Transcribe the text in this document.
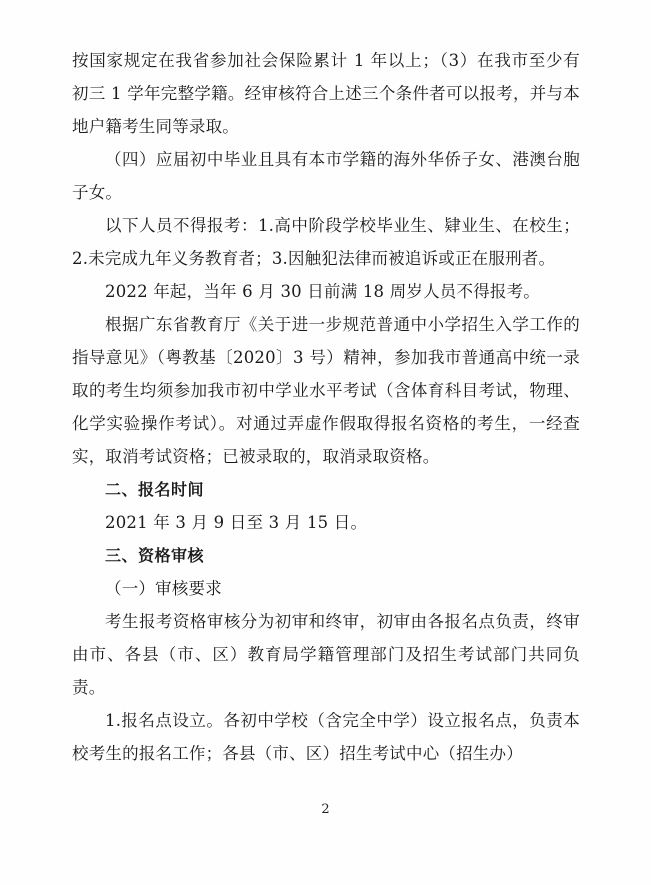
按国家规定在我省参加社会保险累计 1 年以上；（3）在我市至少有初三 1 学年完整学籍。经审核符合上述三个条件者可以报考，并与本地户籍考生同等录取。

（四）应届初中毕业且具有本市学籍的海外华侨子女、港澳台胞子女。

以下人员不得报考：1.高中阶段学校毕业生、肄业生、在校生；2.未完成九年义务教育者；3.因触犯法律而被追诉或正在服刑者。

2022 年起，当年 6 月 30 日前满 18 周岁人员不得报考。

根据广东省教育厅《关于进一步规范普通中小学招生入学工作的指导意见》（粤教基〔2020〕3 号）精神，参加我市普通高中统一录取的考生均须参加我市初中学业水平考试（含体育科目考试，物理、化学实验操作考试）。对通过弄虚作假取得报名资格的考生，一经查实，取消考试资格；已被录取的，取消录取资格。

二、报名时间

2021 年 3 月 9 日至 3 月 15 日。

三、资格审核

（一）审核要求

考生报考资格审核分为初审和终审，初审由各报名点负责，终审由市、各县（市、区）教育局学籍管理部门及招生考试部门共同负责。

1.报名点设立。各初中学校（含完全中学）设立报名点，负责本校考生的报名工作；各县（市、区）招生考试中心（招生办）

2
